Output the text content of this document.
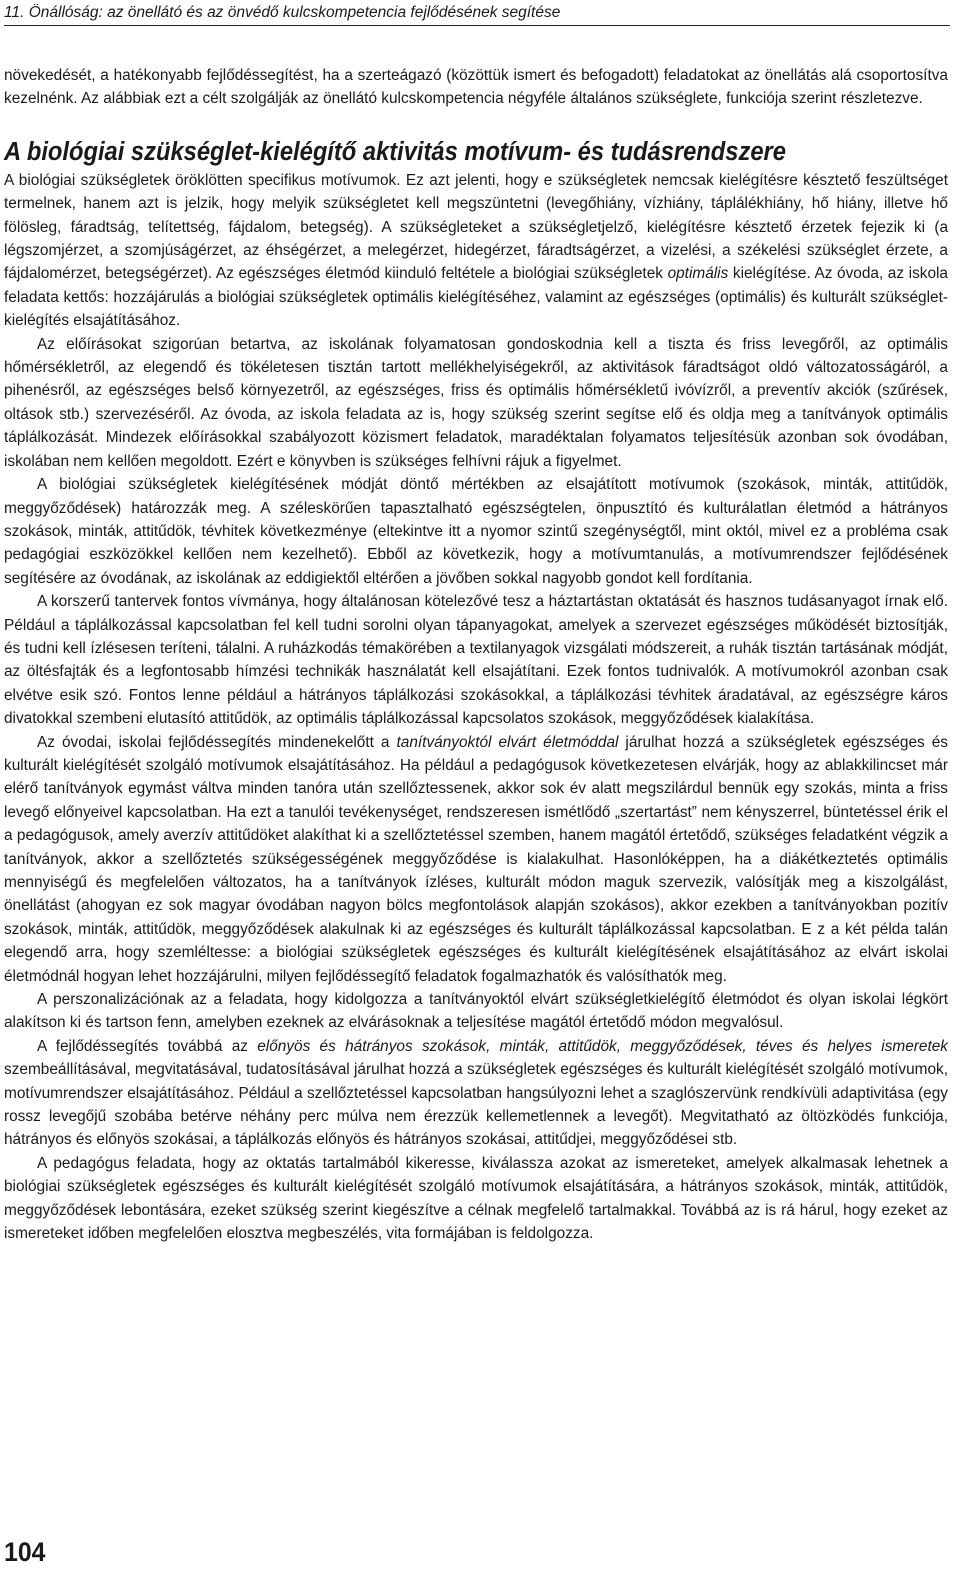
11. Önállóság: az önellátó és az önvédő kulcskompetencia fejlődésének segítése

növekedését, a hatékonyabb fejlődéssegítést, ha a szerteágazó (közöttük ismert és befogadott) feladatokat az önellátás alá csoportosítva kezelnénk. Az alábbiak ezt a célt szolgálják az önellátó kulcskompetencia négyféle általános szükséglete, funkciója szerint részletezve.

A biológiai szükséglet-kielégítő aktivitás motívum- és tudásrendszere

A biológiai szükségletek öröklötten specifikus motívumok. Ez azt jelenti, hogy e szükségletek nemcsak kielégítésre késztető feszültséget termelnek, hanem azt is jelzik, hogy melyik szükségletet kell megszüntetni (levegőhiány, vízhiány, táplálékhiány, hő hiány, illetve hő fölösleg, fáradtság, telítettség, fájdalom, betegség). A szükségleteket a szükségletjelző, kielégítésre késztető érzetek fejezik ki (a légszomjérzet, a szomjúságérzet, az éhségérzet, a melegérzet, hidegérzet, fáradtságérzet, a vizelési, a székelési szükséglet érzete, a fájdalomérzet, betegségérzet). Az egészséges életmód kiinduló feltétele a biológiai szükségletek optimális kielégítése. Az óvoda, az iskola feladata kettős: hozzájárulás a biológiai szükségletek optimális kielégítéséhez, valamint az egészséges (optimális) és kulturált szükséglet-kielégítés elsajátításához.

Az előírásokat szigorúan betartva, az iskolának folyamatosan gondoskodnia kell a tiszta és friss levegőről, az optimális hőmérsékletről, az elegendő és tökéletesen tisztán tartott mellékhelyiségekről, az aktivitások fáradtságot oldó változatosságáról, a pihenésről, az egészséges belső környezetről, az egészséges, friss és optimális hőmérsékletű ivóvízről, a preventív akciók (szűrések, oltások stb.) szervezéséről. Az óvoda, az iskola feladata az is, hogy szükség szerint segítse elő és oldja meg a tanítványok optimális táplálkozását. Mindezek előírásokkal szabályozott közismert feladatok, maradéktalan folyamatos teljesítésük azonban sok óvodában, iskolában nem kellően megoldott. Ezért e könyvben is szükséges felhívni rájuk a figyelmet.

A biológiai szükségletek kielégítésének módját döntő mértékben az elsajátított motívumok (szokások, minták, attitűdök, meggyőződések) határozzák meg. A széleskörűen tapasztalható egészségtelen, önpusztító és kulturálatlan életmód a hátrányos szokások, minták, attitűdök, tévhitek következménye (eltekintve itt a nyomor szintű szegénységtől, mint októl, mivel ez a probléma csak pedagógiai eszközökkel kellően nem kezelhető). Ebből az következik, hogy a motívumtanulás, a motívumrendszer fejlődésének segítésére az óvodának, az iskolának az eddigiektől eltérően a jövőben sokkal nagyobb gondot kell fordítania.

A korszerű tantervek fontos vívmánya, hogy általánosan kötelezővé tesz a háztartástan oktatását és hasznos tudásanyagot írnak elő. Például a táplálkozással kapcsolatban fel kell tudni sorolni olyan tápanyagokat, amelyek a szervezet egészséges működését biztosítják, és tudni kell ízlésesen teríteni, tálalni. A ruházkodás témakörében a textilanyagok vizsgálati módszereit, a ruhák tisztán tartásának módját, az öltésfajták és a legfontosabb hímzési technikák használatát kell elsajátítani. Ezek fontos tudnivalók. A motívumokról azonban csak elvétve esik szó. Fontos lenne például a hátrányos táplálkozási szokásokkal, a táplálkozási tévhitek áradatával, az egészségre káros divatokkal szembeni elutasító attitűdök, az optimális táplálkozással kapcsolatos szokások, meggyőződések kialakítása.

Az óvodai, iskolai fejlődéssegítés mindenekelőtt a tanítványoktól elvárt életmóddal járulhat hozzá a szükségletek egészséges és kulturált kielégítését szolgáló motívumok elsajátításához. Ha például a pedagógusok következetesen elvárják, hogy az ablakkilincset már elérő tanítványok egymást váltva minden tanóra után szellőztessenek, akkor sok év alatt megszilárdul bennük egy szokás, minta a friss levegő előnyeivel kapcsolatban. Ha ezt a tanulói tevékenységet, rendszeresen ismétlődő „szertartást” nem kényszerrel, büntetéssel érik el a pedagógusok, amely averzív attitűdöket alakíthat ki a szellőztetéssel szemben, hanem magától értetődő, szükséges feladatként végzik a tanítványok, akkor a szellőztetés szükségességének meggyőződése is kialakulhat. Hasonlóképpen, ha a diákétkeztetés optimális mennyiségű és megfelelően változatos, ha a tanítványok ízléses, kulturált módon maguk szervezik, valósítják meg a kiszolgálást, önellátást (ahogyan ez sok magyar óvodában nagyon bölcs megfontolások alapján szokásos), akkor ezekben a tanítványokban pozitív szokások, minták, attitűdök, meggyőződések alakulnak ki az egészséges és kulturált táplálkozással kapcsolatban. E z a két példa talán elegendő arra, hogy szemléltesse: a biológiai szükségletek egészséges és kulturált kielégítésének elsajátításához az elvárt iskolai életmódnál hogyan lehet hozzájárulni, milyen fejlődéssegítő feladatok fogalmazhatók és valósíthatók meg.

A perszonalizációnak az a feladata, hogy kidolgozza a tanítványoktól elvárt szükségletkielégítő életmódot és olyan iskolai légkört alakítson ki és tartson fenn, amelyben ezeknek az elvárásoknak a teljesítése magától értetődő módon megvalósul.

A fejlődéssegítés továbbá az előnyös és hátrányos szokások, minták, attitűdök, meggyőződések, téves és helyes ismeretek szembeállításával, megvitatásával, tudatosításával járulhat hozzá a szükségletek egészséges és kulturált kielégítését szolgáló motívumok, motívumrendszer elsajátításához. Például a szellőztetéssel kapcsolatban hangsúlyozni lehet a szaglószervünk rendkívüli adaptivitása (egy rossz levegőjű szobába betérve néhány perc múlva nem érezzük kellemetlennek a levegőt). Megvitatható az öltözködés funkciója, hátrányos és előnyös szokásai, a táplálkozás előnyös és hátrányos szokásai, attitűdjei, meggyőződései stb.

A pedagógus feladata, hogy az oktatás tartalmából kikeresse, kiválassza azokat az ismereteket, amelyek alkalmasak lehetnek a biológiai szükségletek egészséges és kulturált kielégítését szolgáló motívumok elsajátítására, a hátrányos szokások, minták, attitűdök, meggyőződések lebontására, ezeket szükség szerint kiegészítve a célnak megfelelő tartalmakkal. Továbbá az is rá hárul, hogy ezeket az ismereteket időben megfelelően elosztva megbeszélés, vita formájában is feldolgozza.

104
